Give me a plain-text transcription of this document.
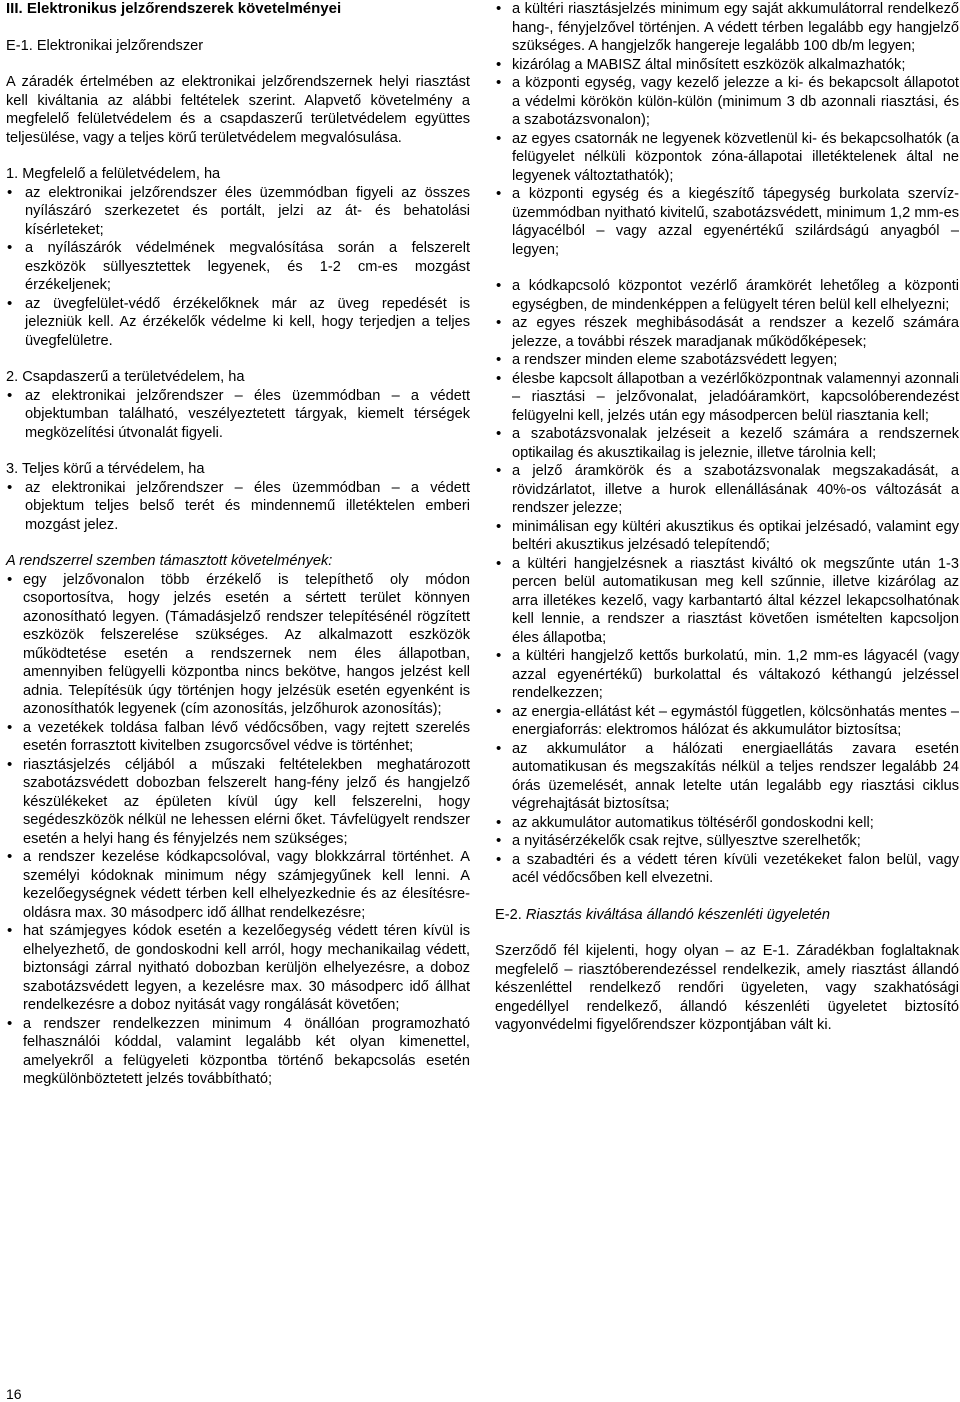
III. Elektronikus jelzőrendszerek követelményei

E-1. Elektronikai jelzőrendszer

A záradék értelmében az elektronikai jelzőrendszernek helyi riasztást kell kiváltania az alábbi feltételek szerint. Alapvető követelmény a megfelelő felületvédelem és a csapdaszerű területvédelem együttes teljesülése, vagy a teljes körű területvédelem megvalósulása.

1. Megfelelő a felületvédelem, ha

• az elektronikai jelzőrendszer éles üzemmódban figyeli az összes nyílászáró szerkezetet és portált, jelzi az át- és behatolási kísérleteket;
• a nyílászárók védelmének megvalósítása során a felszerelt eszközök süllyesztettek legyenek, és 1-2 cm-es mozgást érzékeljenek;
• az üvegfelület-védő érzékelőknek már az üveg repedését is jelezniük kell. Az érzékelők védelme ki kell, hogy terjedjen a teljes üvegfelületre.

2. Csapdaszerű a területvédelem, ha

• az elektronikai jelzőrendszer – éles üzemmódban – a védett objektumban található, veszélyeztetett tárgyak, kiemelt térségek megközelítési útvonalát figyeli.

3. Teljes körű a térvédelem, ha

• az elektronikai jelzőrendszer – éles üzemmódban – a védett objektum teljes belső terét és mindennemű illetéktelen emberi mozgást jelez.

A rendszerrel szemben támasztott követelmények:

• egy jelzővonalon több érzékelő is telepíthető oly módon csoportosítva, hogy jelzés esetén a sértett terület könnyen azonosítható legyen. (Támadásjelző rendszer telepítésénél rögzített eszközök felszerelése szükséges. Az alkalmazott eszközök működtetése esetén a rendszernek nem éles állapotban, amennyiben felügyelli központba nincs bekötve, hangos jelzést kell adnia. Telepítésük úgy történjen hogy jelzésük esetén egyenként is azonosíthatók legyenek (cím azonosítás, jelzőhurok azonosítás);
• a vezetékek toldása falban lévő védőcsőben, vagy rejtett szerelés esetén forrasztott kivitelben zsugorcsővel védve is történhet;
• riasztásjelzés céljából a műszaki feltételekben meghatározott szabotázsvédett dobozban felszerelt hang-fény jelző és hangjelző készülékeket az épületen kívül úgy kell felszerelni, hogy segédeszközök nélkül ne lehessen elérni őket. Távfelügyelt rendszer esetén a helyi hang és fényjelzés nem szükséges;
• a rendszer kezelése kódkapcsolóval, vagy blokkzárral történhet. A személyi kódoknak minimum négy számjegyűnek kell lenni. A kezelőegységnek védett térben kell elhelyezkednie és az élesítésre-oldásra max. 30 másodperc idő állhat rendelkezésre;
• hat számjegyes kódok esetén a kezelőegység védett téren kívül is elhelyezhető, de gondoskodni kell arról, hogy mechanikailag védett, biztonsági zárral nyitható dobozban kerüljön elhelyezésre, a doboz szabotázsvédett legyen, a kezelésre max. 30 másodperc idő állhat rendelkezésre a doboz nyitását vagy rongálását követően;
• a rendszer rendelkezzen minimum 4 önállóan programozható felhasználói kóddal, valamint legalább két olyan kimenettel, amelyekről a felügyeleti központba történő bekapcsolás esetén megkülönböztetett jelzés továbbítható;
• a kültéri riasztásjelzés minimum egy saját akkumulátorral rendelkező hang-, fényjelzővel történjen. A védett térben legalább egy hangjelző szükséges. A hangjelzők hangereje legalább 100 db/m legyen;
• kizárólag a MABISZ által minősített eszközök alkalmazhatók;
• a központi egység, vagy kezelő jelezze a ki- és bekapcsolt állapotot a védelmi körökön külön-külön (minimum 3 db azonnali riasztási, és a szabotázsvonalon);
• az egyes csatornák ne legyenek közvetlenül ki- és bekapcsolhatók (a felügyelet nélküli központok zóna-állapotai illetéktelenek által ne legyenek változtathatók);
• a központi egység és a kiegészítő tápegység burkolata szervíz-üzemmódban nyitható kivitelű, szabotázsvédett, minimum 1,2 mm-es lágyacélból – vagy azzal egyenértékű szilárdságú anyagból – legyen;
• a kódkapcsoló központot vezérlő áramkörét lehetőleg a központi egységben, de mindenképpen a felügyelt téren belül kell elhelyezni;
• az egyes részek meghibásodását a rendszer a kezelő számára jelezze, a további részek maradjanak működőképesek;
• a rendszer minden eleme szabotázsvédett legyen;
• élesbe kapcsolt állapotban a vezérlőközpontnak valamennyi azonnali – riasztási – jelzővonalat, jeladóáramkört, kapcsolóberendezést felügyelni kell, jelzés után egy másodpercen belül riasztania kell;
• a szabotázsvonalak jelzéseit a kezelő számára a rendszernek optikailag és akusztikailag is jeleznie, illetve tárolnia kell;
• a jelző áramkörök és a szabotázsvonalak megszakadását, a rövidzárlatot, illetve a hurok ellenállásának 40%-os változását a rendszer jelezze;
• minimálisan egy kültéri akusztikus és optikai jelzésadó, valamint egy beltéri akusztikus jelzésadó telepítendő;
• a kültéri hangjelzésnek a riasztást kiváltó ok megszűnte után 1-3 percen belül automatikusan meg kell szűnnie, illetve kizárólag az arra illetékes kezelő, vagy karbantartó által kézzel lekapcsolhatónak kell lennie, a rendszer a riasztást követően ismételten kapcsoljon éles állapotba;
• a kültéri hangjelző kettős burkolatú, min. 1,2 mm-es lágyacél (vagy azzal egyenértékű) burkolattal és váltakozó kéthangú jelzéssel rendelkezzen;
• az energia-ellátást két – egymástól független, kölcsönhatás mentes – energiaforrás: elektromos hálózat és akkumulátor biztosítsa;
• az akkumulátor a hálózati energiaellátás zavara esetén automatikusan és megszakítás nélkül a teljes rendszer legalább 24 órás üzemelését, annak letelte után legalább egy riasztási ciklus végrehajtását biztosítsa;
• az akkumulátor automatikus töltéséről gondoskodni kell;
• a nyitásérzékelők csak rejtve, süllyesztve szerelhetők;
• a szabadtéri és a védett téren kívüli vezetékeket falon belül, vagy acél védőcsőben kell elvezetni.

E-2. Riasztás kiváltása állandó készenléti ügyeletén

Szerződő fél kijelenti, hogy olyan – az E-1. Záradékban foglaltaknak megfelelő – riasztóberendezéssel rendelkezik, amely riasztást állandó készenléttel rendelkező rendőri ügyeleten, vagy szakhatósági engedéllyel rendelkező, állandó készenléti ügyeletet biztosító vagyonvédelmi figyelőrendszer központjában vált ki.

16
